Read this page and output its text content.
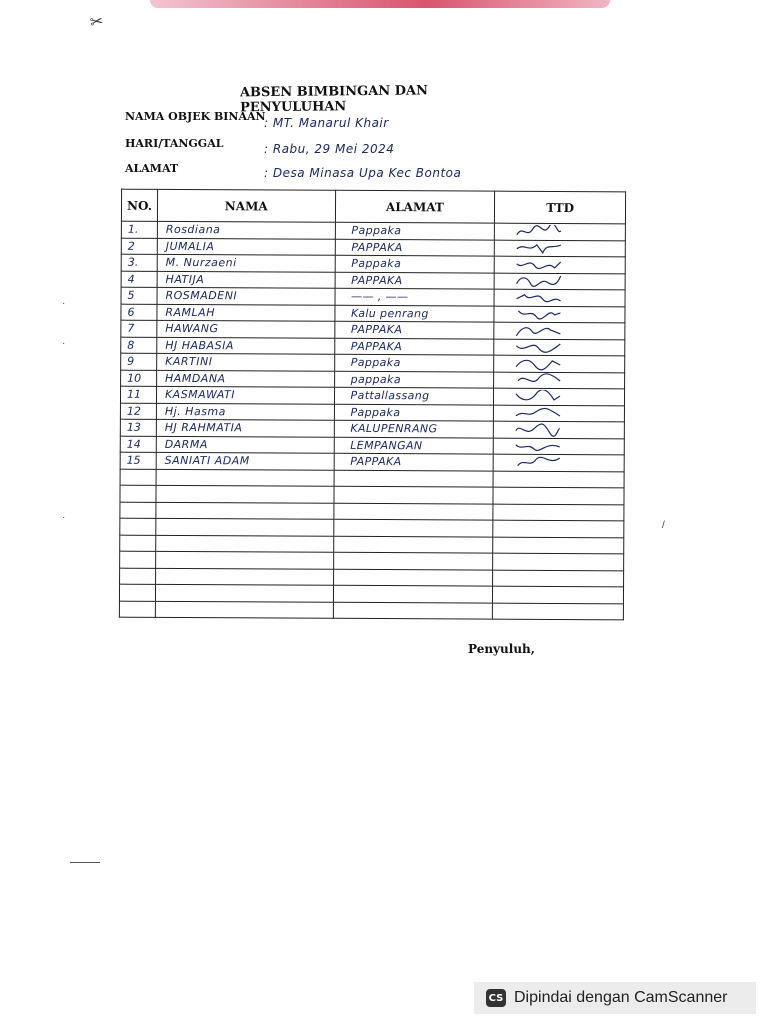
✂
·
·
·
/
ABSEN BIMBINGAN DAN PENYULUHAN
NAMA OBJEK BINAAN
: MT. Manarul Khair
HARI/TANGGAL	: Rabu, 29 Mei 2024
ALAMAT	: Desa Minasa Upa Kec Bontoa
NO.	NAMA	ALAMAT	TTD
1.	Rosdiana	Pappaka	

2	JUMALIA	PAPPAKA	

3.	M. Nurzaeni	Pappaka	

4	HATIJA	PAPPAKA	

5	ROSMADENI	—— , ——	

6	RAMLAH	Kalu penrang	

7	HAWANG	PAPPAKA	

8	HJ HABASIA	PAPPAKA	

9	KARTINI	Pappaka	

10	HAMDANA	pappaka	

11	KASMAWATI	Pattallassang	

12	Hj. Hasma	Pappaka	

13	HJ RAHMATIA	KALUPENRANG	

14	DARMA	LEMPANGAN	

15	SANIATI ADAM	PAPPAKA	

Penyuluh,
CS Dipindai dengan CamScanner
